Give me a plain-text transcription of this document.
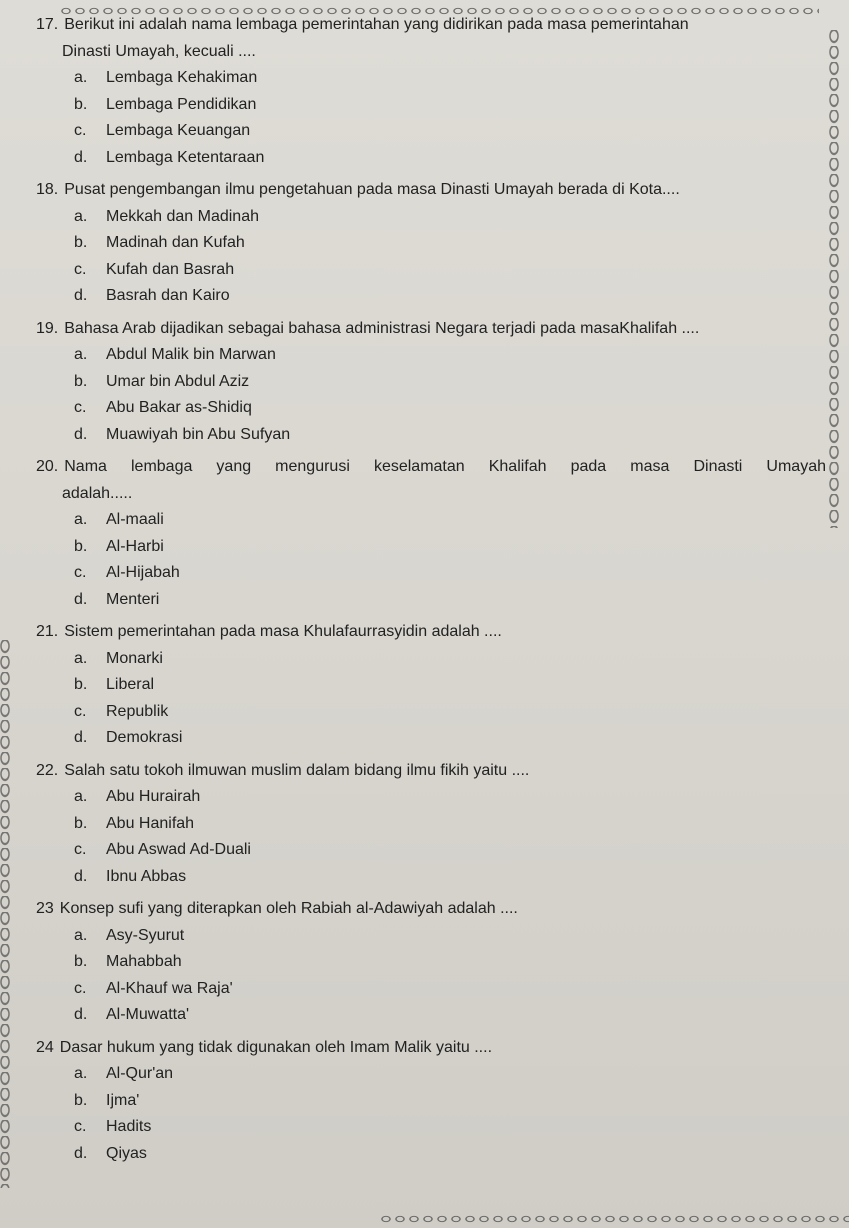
17. Berikut ini adalah nama lembaga pemerintahan yang didirikan pada masa pemerintahan
Dinasti Umayah, kecuali ....
a. Lembaga Kehakiman
b. Lembaga Pendidikan
c. Lembaga Keuangan
d. Lembaga Ketentaraan
18. Pusat pengembangan ilmu pengetahuan pada masa Dinasti Umayah berada di Kota....
a. Mekkah dan Madinah
b. Madinah dan Kufah
c. Kufah dan Basrah
d. Basrah dan Kairo
19. Bahasa Arab dijadikan sebagai bahasa administrasi Negara terjadi pada masaKhalifah ....
a. Abdul Malik bin Marwan
b. Umar bin Abdul Aziz
c. Abu Bakar as-Shidiq
d. Muawiyah bin Abu Sufyan
20. Nama lembaga yang mengurusi keselamatan Khalifah pada masa Dinasti Umayah
adalah.....
a. Al-maali
b. Al-Harbi
c. Al-Hijabah
d. Menteri
21. Sistem pemerintahan pada masa Khulafaurrasyidin adalah ....
a. Monarki
b. Liberal
c. Republik
d. Demokrasi
22. Salah satu tokoh ilmuwan muslim dalam bidang ilmu fikih yaitu ....
a. Abu Hurairah
b. Abu Hanifah
c. Abu Aswad Ad-Duali
d. Ibnu Abbas
23 Konsep sufi yang diterapkan oleh Rabiah al-Adawiyah adalah ....
a. Asy-Syurut
b. Mahabbah
c. Al-Khauf wa Raja'
d. Al-Muwatta'
24 Dasar hukum yang tidak digunakan oleh Imam Malik yaitu ....
a. Al-Qur'an
b. Ijma'
c. Hadits
d. Qiyas
